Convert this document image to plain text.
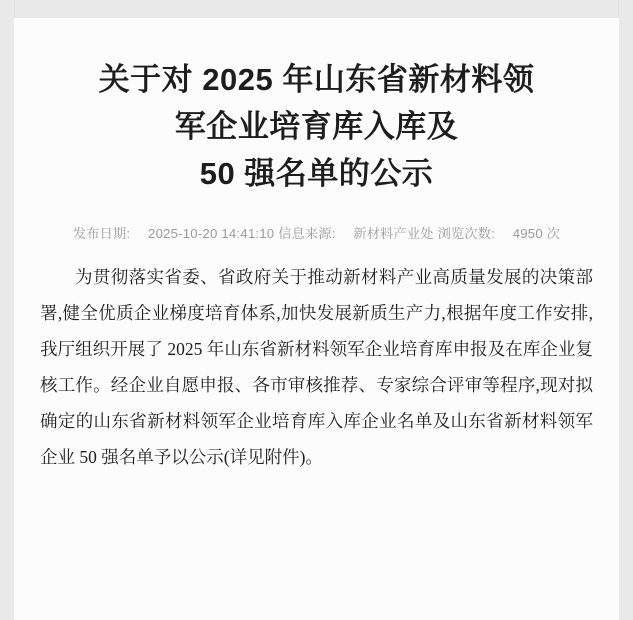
关于对 2025 年山东省新材料领
军企业培育库入库及
50 强名单的公示
发布日期: 2025-10-20 14:41:10 信息来源: 新材料产业处 浏览次数: 4950 次

为贯彻落实省委、省政府关于推动新材料产业高质量发展的决策部署,健全优质企业梯度培育体系,加快发展新质生产力,根据年度工作安排,我厅组织开展了 2025 年山东省新材料领军企业培育库申报及在库企业复核工作。经企业自愿申报、各市审核推荐、专家综合评审等程序,现对拟确定的山东省新材料领军企业培育库入库企业名单及山东省新材料领军企业 50 强名单予以公示(详见附件)。
